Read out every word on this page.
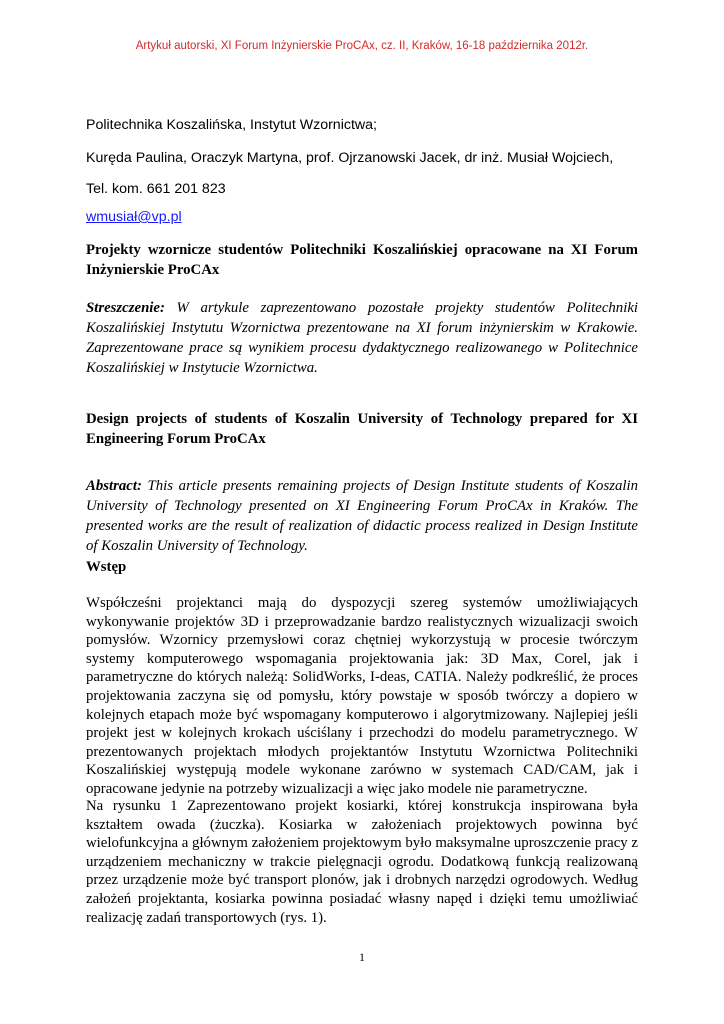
Artykuł autorski, XI Forum Inżynierskie ProCAx, cz. II, Kraków, 16-18 października 2012r.
Politechnika Koszalińska, Instytut Wzornictwa;
Kuręda Paulina, Oraczyk Martyna, prof. Ojrzanowski Jacek, dr inż. Musiał Wojciech,
Tel. kom. 661 201 823
wmusiał@vp.pl
Projekty wzornicze studentów Politechniki Koszalińskiej opracowane na XI Forum Inżynierskie ProCAx
Streszczenie: W artykule zaprezentowano pozostałe projekty studentów Politechniki Koszalińskiej Instytutu Wzornictwa prezentowane na XI forum inżynierskim w Krakowie. Zaprezentowane prace są wynikiem procesu dydaktycznego realizowanego w Politechnice Koszalińskiej w Instytucie Wzornictwa.
Design projects of students of Koszalin University of Technology prepared for XI Engineering Forum ProCAx
Abstract: This article presents remaining projects of Design Institute students of Koszalin University of Technology presented on XI Engineering Forum ProCAx in Kraków. The presented works are the result of realization of didactic process realized in Design Institute of Koszalin University of Technology.
Wstęp
Współcześni projektanci mają do dyspozycji szereg systemów umożliwiających wykonywanie projektów 3D i przeprowadzanie bardzo realistycznych wizualizacji swoich pomysłów. Wzornicy przemysłowi coraz chętniej wykorzystują w procesie twórczym systemy komputerowego wspomagania projektowania jak: 3D Max, Corel, jak i parametryczne do których należą: SolidWorks, I-deas, CATIA. Należy podkreślić, że proces projektowania zaczyna się od pomysłu, który powstaje w sposób twórczy a dopiero w kolejnych etapach może być wspomagany komputerowo i algorytmizowany. Najlepiej jeśli projekt jest w kolejnych krokach uściślany i przechodzi do modelu parametrycznego. W prezentowanych projektach młodych projektantów Instytutu Wzornictwa Politechniki Koszalińskiej występują modele wykonane zarówno w systemach CAD/CAM, jak i opracowane jedynie na potrzeby wizualizacji a więc jako modele nie parametryczne.
Na rysunku 1 Zaprezentowano projekt kosiarki, której konstrukcja inspirowana była kształtem owada (żuczka). Kosiarka w założeniach projektowych powinna być wielofunkcyjna a głównym założeniem projektowym było maksymalne uproszczenie pracy z urządzeniem mechaniczny w trakcie pielęgnacji ogrodu. Dodatkową funkcją realizowaną przez urządzenie może być transport plonów, jak i drobnych narzędzi ogrodowych. Według założeń projektanta, kosiarka powinna posiadać własny napęd i dzięki temu umożliwiać realizację zadań transportowych (rys. 1).
1
